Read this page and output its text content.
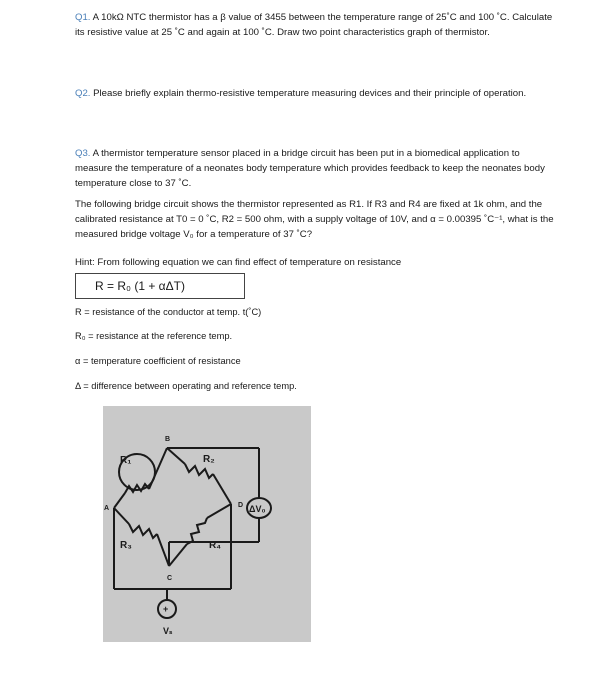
Q1. A 10kΩ NTC thermistor has a β value of 3455 between the temperature range of 25˚C and 100 ˚C. Calculate its resistive value at 25 ˚C and again at 100 ˚C. Draw two point characteristics graph of thermistor.

Q2. Please briefly explain thermo-resistive temperature measuring devices and their principle of operation.

Q3. A thermistor temperature sensor placed in a bridge circuit has been put in a biomedical application to measure the temperature of a neonates body temperature which provides feedback to keep the neonates body temperature close to 37 ˚C.

The following bridge circuit shows the thermistor represented as R1. If R3 and R4 are fixed at 1k ohm, and the calibrated resistance at T0 = 0 ˚C, R2 = 500 ohm, with a supply voltage of 10V, and α = 0.00395 ˚C⁻¹, what is the measured bridge voltage V₀ for a temperature of 37 ˚C?

Hint: From following equation we can find effect of temperature on resistance

R = R₀ (1 + αΔT)

R = resistance of the conductor at temp. t(˚C)

R₀ = resistance at the reference temp.

α = temperature coefficient of resistance

Δ = difference between operating and reference temp.

R₁	R₂
R₃	R₄
A
B
C
D ΔV₀
+
Vₛ
